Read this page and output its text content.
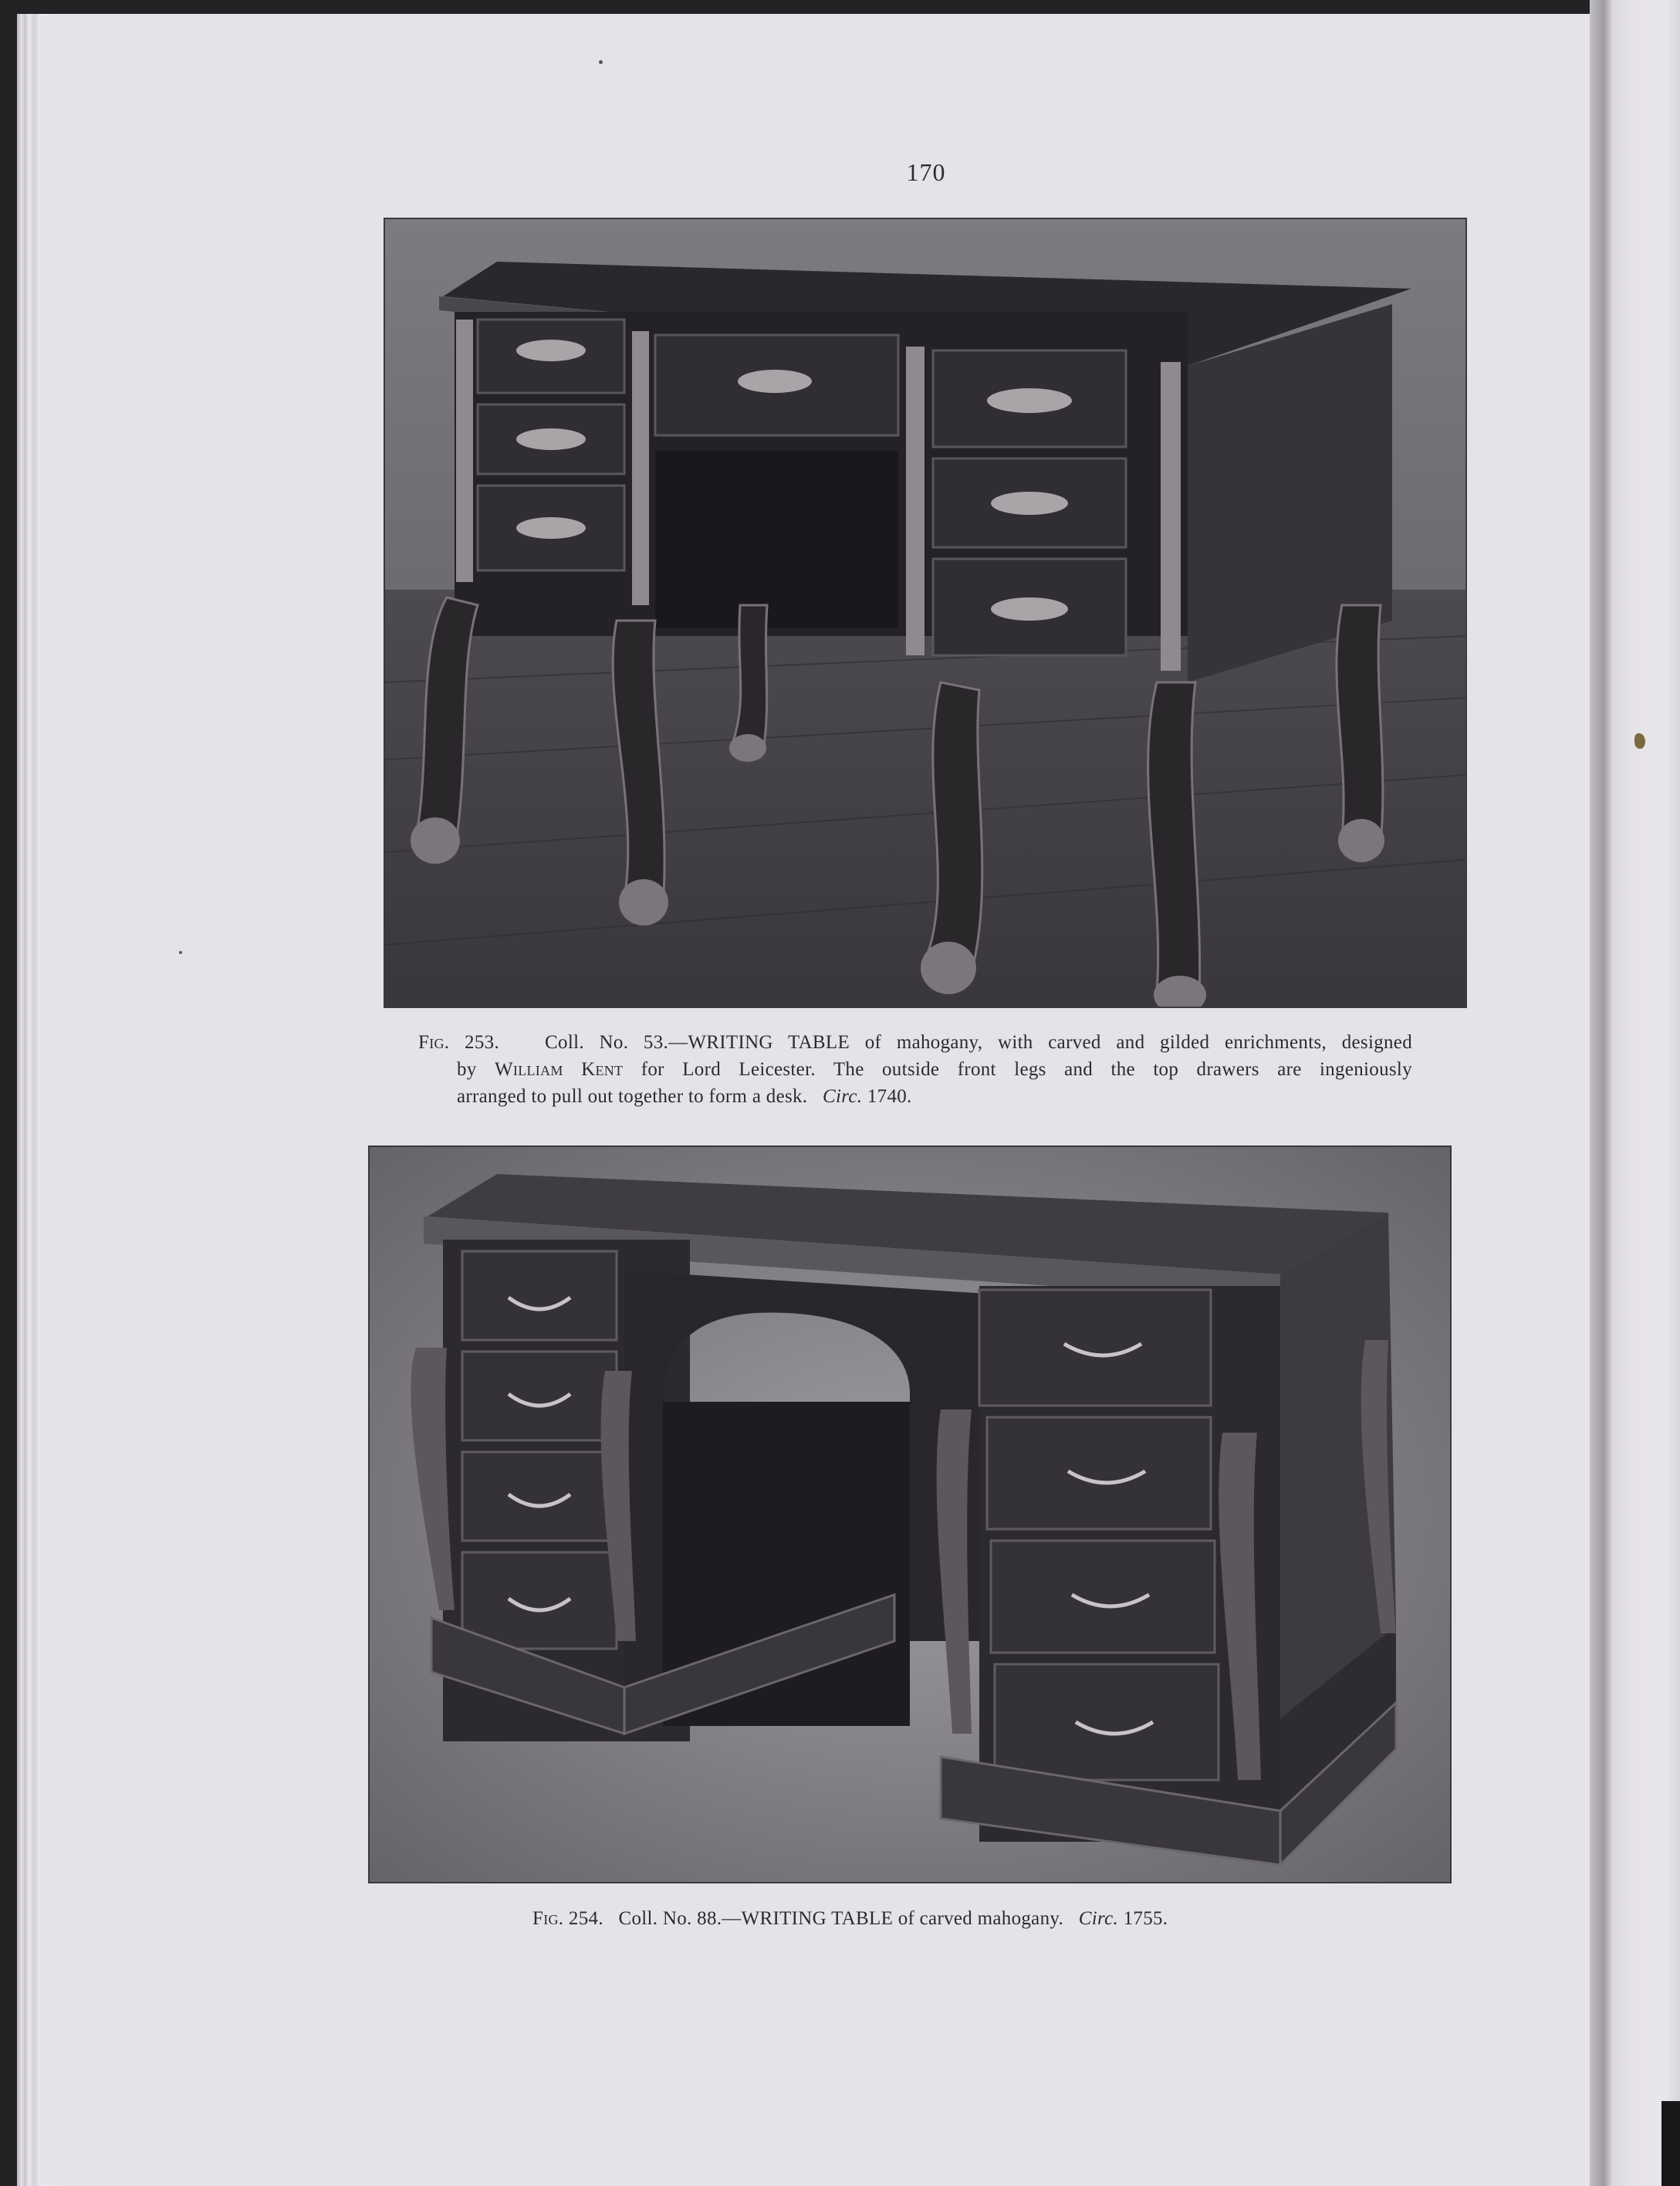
170
Fig. 253. Coll. No. 53.—WRITING TABLE of mahogany, with carved and gilded enrichments, designed
by William Kent for Lord Leicester. The outside front legs and the top drawers are ingeniously
arranged to pull out together to form a desk. Circ. 1740.
Fig. 254. Coll. No. 88.—WRITING TABLE of carved mahogany. Circ. 1755.
